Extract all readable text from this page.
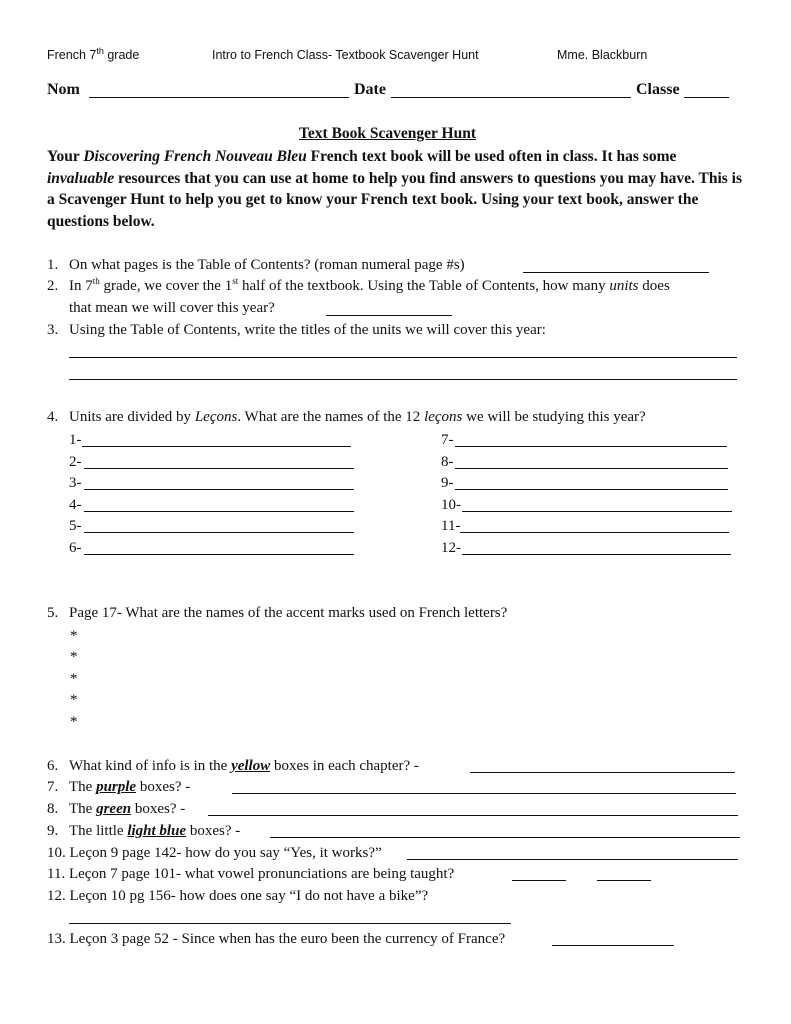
French 7th grade	Intro to French Class- Textbook Scavenger Hunt	Mme. Blackburn
Nom	Date	Classe
Text Book Scavenger Hunt
Your Discovering French Nouveau Bleu French text book will be used often in class. It has some invaluable resources that you can use at home to help you find answers to questions you may have. This is a Scavenger Hunt to help you get to know your French text book. Using your text book, answer the questions below.
1. On what pages is the Table of Contents? (roman numeral page #s)
2. In 7th grade, we cover the 1st half of the textbook. Using the Table of Contents, how many units does
that mean we will cover this year?
3. Using the Table of Contents, write the titles of the units we will cover this year:
4. Units are divided by Leçons. What are the names of the 12 leçons we will be studying this year?
1-
2-
3-
4-
5-
6-
7-
8-
9-
10-
11-
12-
5. Page 17- What are the names of the accent marks used on French letters?
*
*
*
*
*
6. What kind of info is in the yellow boxes in each chapter? -
7. The purple boxes? -
8. The green boxes? -
9. The little light blue boxes? -
10. Leçon 9 page 142- how do you say “Yes, it works?”
11. Leçon 7 page 101- what vowel pronunciations are being taught?
12. Leçon 10 pg 156- how does one say “I do not have a bike”?
13. Leçon 3 page 52 - Since when has the euro been the currency of France?
